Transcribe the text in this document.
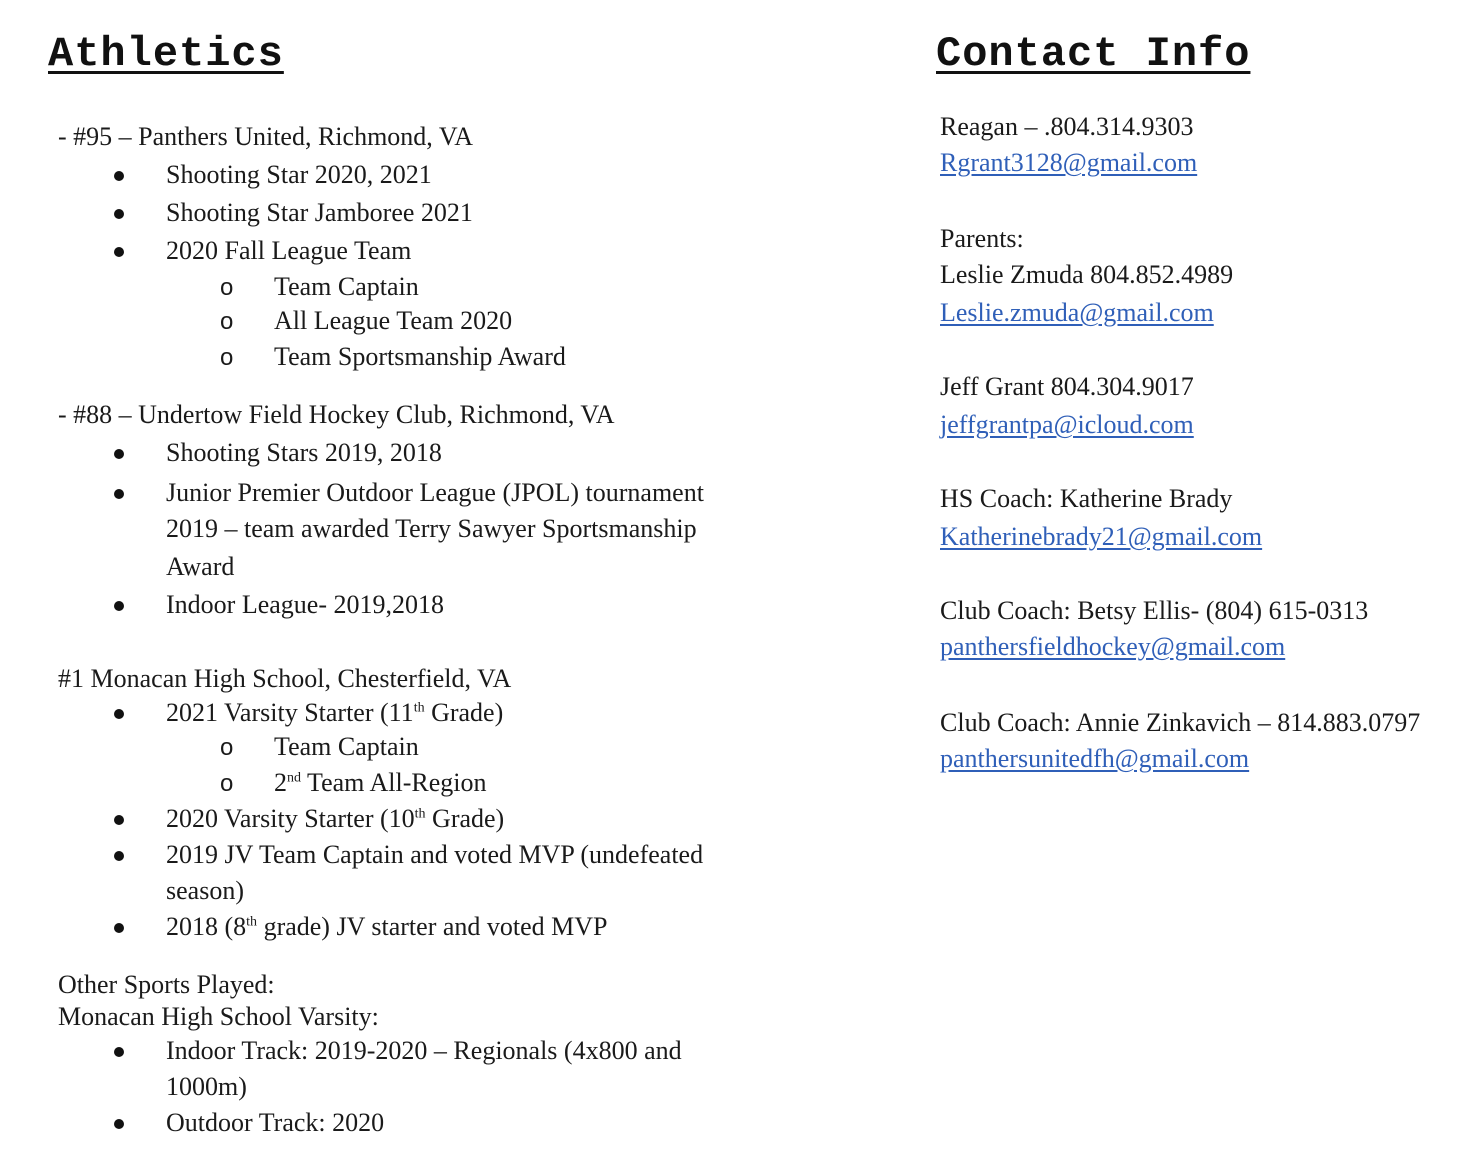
Athletics
- #95 – Panthers United, Richmond, VA
Shooting Star 2020, 2021
Shooting Star Jamboree 2021
2020 Fall League Team
o Team Captain
o All League Team 2020
o Team Sportsmanship Award
- #88 – Undertow Field Hockey Club, Richmond, VA
Shooting Stars 2019, 2018
Junior Premier Outdoor League (JPOL) tournament
2019 – team awarded Terry Sawyer Sportsmanship
Award
Indoor League- 2019,2018
#1 Monacan High School, Chesterfield, VA
2021 Varsity Starter (11th Grade)
o Team Captain
o 2nd Team All-Region
2020 Varsity Starter (10th Grade)
2019 JV Team Captain and voted MVP (undefeated
season)
2018 (8th grade) JV starter and voted MVP
Other Sports Played:
Monacan High School Varsity:
Indoor Track: 2019-2020 – Regionals (4x800 and
1000m)
Outdoor Track: 2020
Contact Info
Reagan – .804.314.9303
Rgrant3128@gmail.com
Parents:
Leslie Zmuda 804.852.4989
Leslie.zmuda@gmail.com
Jeff Grant 804.304.9017
jeffgrantpa@icloud.com
HS Coach: Katherine Brady
Katherinebrady21@gmail.com
Club Coach: Betsy Ellis- (804) 615-0313
panthersfieldhockey@gmail.com
Club Coach: Annie Zinkavich – 814.883.0797
panthersunitedfh@gmail.com
